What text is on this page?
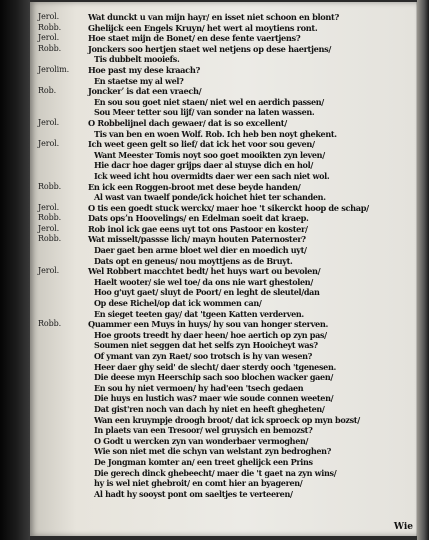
Jerol.	Wat dunckt u van mijn hayr/ en isset niet schoon en blont?
Robb.	Ghelijck een Engels Kruyn/ het wert al moytiens ront.
Jerol.	Hoe staet mijn de Bonet/ en dese fente vaertjens?
Robb.	Jonckers soo hertjen staet wel netjens op dese haertjens/
Tis dubbelt mooiefs.
Jerolim.	Hoe past my dese kraach?
En staetse my al wel?
Rob.	Jonckerʼ is dat een vraech/
En sou sou goet niet staen/ niet wel en aerdich passen/
Sou Meer tetter sou lijf/ van sonder na laten wassen.
Jerol.	O Robbelijnel dach gewaer/ dat is so excellent/
Tis van ben en woen Wolf. Rob. Ich heb ben noyt ghekent.
Jerol.	Ich weet geen gelt so lief/ dat ick het voor sou geven/
Want Meester Tomis noyt soo goet mooikten zyn leven/
Hie dacr hoe dager grijps daer al stuyse dich en hol/
Ick weed icht hou overmidts daer wer een sach niet wol.
Robb.	En ick een Roggen-broot met dese beyde handen/
Al wast van twaelf ponde/ick hoichet hiet ter schanden.
Jerol.	O tis een goedt stuck werckx/ maer hoe 't sikerckt hoop de schap/
Robb.	Dats opsʼn Hoovelings/ en Edelman soeit dat kraep.
Jerol.	Rob inol ick gae eens uyt tot ons Pastoor en koster/
Robb.	Wat misselt/passse lich/ mayn houten Paternoster?
Daer gaet ben arme bloet wel dier en moedich uyt/
Dats opt en geneus/ nou moyttjens as de Bruyt.
Jerol.	Wel Robbert macchtet bedt/ het huys wart ou bevolen/
Haelt wooter/ sie wel toe/ da ons nie wart ghestolen/
Hoo g'uyt gaet/ sluyt de Poort/ en leght de sleutel/dan
Op dese Richel/op dat ick wommen can/
En sieget teeten gay/ dat 'tgeen Katten verderven.
Robb.	Quammer een Muys in huys/ hy sou van honger sterven.
Hoe groots treedt hy daer heen/ hoe aertich op zyn pas/
Soumen niet seggen dat het selfs zyn Hooicheyt was?
Of ymant van zyn Raet/ soo trotsch is hy van wesen?
Heer daer ghy seid' de slecht/ daer sterdy ooch 'tgenesen.
Die deese myn Heerschip sach soo blochen wacker gaen/
En sou hy niet vermoen/ hy had'een 'tsech gedaen
Die huys en lustich was? maer wie soude connen weeten/
Dat gist'ren noch van dach hy niet en heeft ghegheten/
Wan een kruympje droogh broot/ dat ick sproeck op myn bozst/
In plaets van een Tresoor/ wel gruysich en bemozst?
O Godt u wercken zyn van wonderbaer vermoghen/
Wie son niet met die schyn van welstant zyn bedroghen?
De Jongman komter an/ een treet ghelijck een Prins
Die gerech dinck ghebeecht/ maer die 't gaet na zyn wins/
hy is wel niet ghebroit/ en comt hier an byageren/
Al hadt hy sooyst pont om saeltjes te verteeren/
Wie
